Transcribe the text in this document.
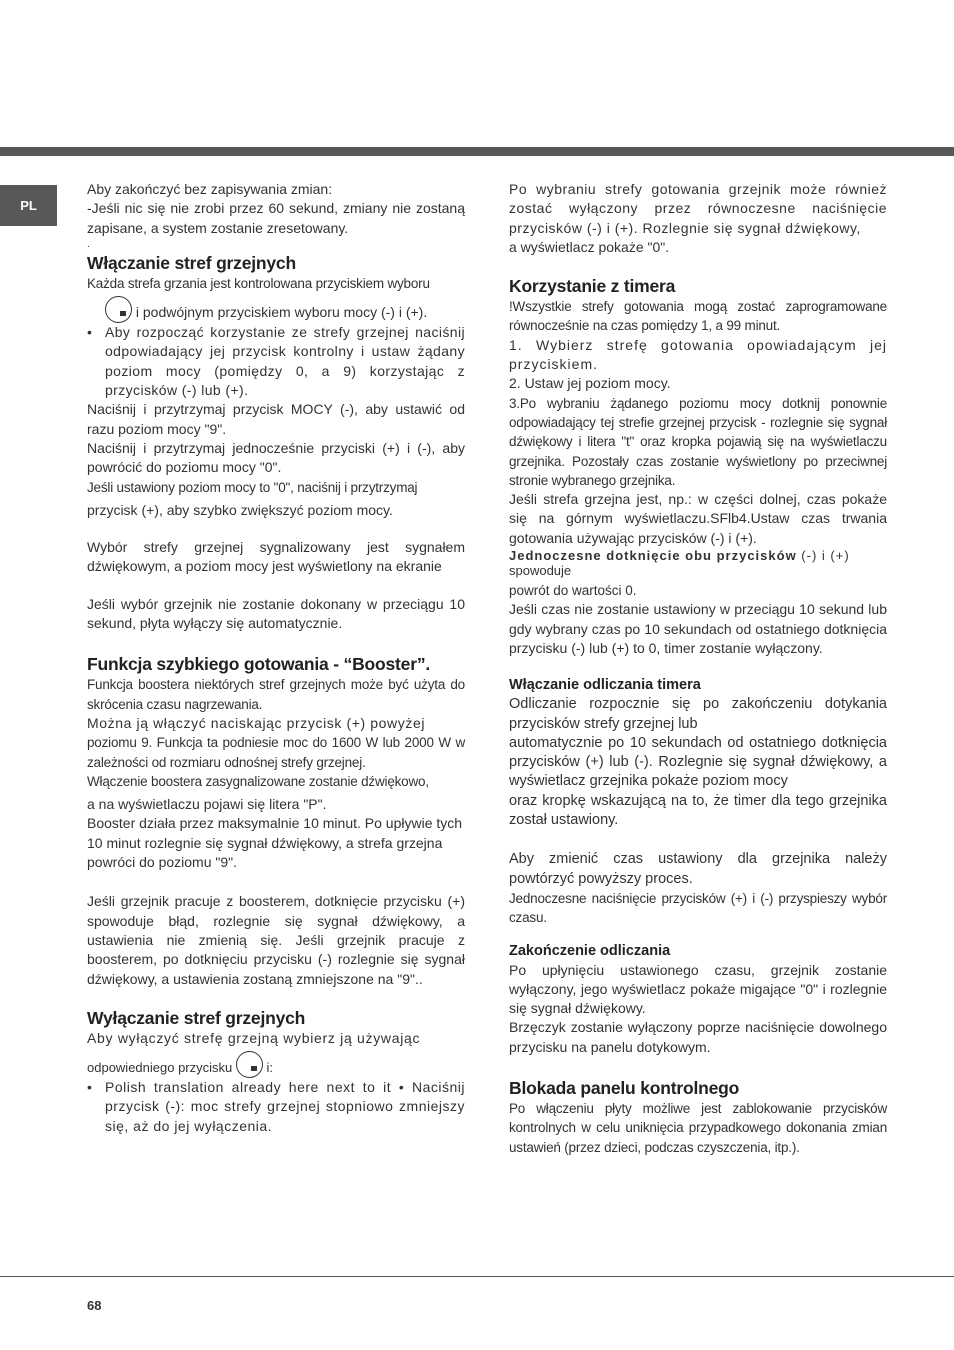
PL

Aby zakończyć bez zapisywania zmian:

-Jeśli nic się nie zrobi przez 60 sekund, zmiany nie zostaną zapisane, a system zostanie zresetowany.

.

Włączanie stref grzejnych

Każda strefa grzania jest kontrolowana przyciskiem wyboru

i podwójnym przyciskiem wyboru mocy (-) i (+).

• Aby rozpocząć korzystanie ze strefy grzejnej naciśnij odpowiadający jej przycisk kontrolny i ustaw żądany poziom mocy (pomiędzy 0, a 9) korzystając z przycisków (-) lub (+).

Naciśnij i przytrzymaj przycisk MOCY (-), aby ustawić od razu poziom mocy "9".

Naciśnij i przytrzymaj jednocześnie przyciski (+) i (-), aby powrócić do poziomu mocy "0".

Jeśli ustawiony poziom mocy to "0", naciśnij i przytrzymaj

przycisk (+), aby szybko zwiększyć poziom mocy.

Wybór strefy grzejnej sygnalizowany jest sygnałem dźwiękowym, a poziom mocy jest wyświetlony na ekranie

Jeśli wybór grzejnik nie zostanie dokonany w przeciągu 10 sekund, płyta wyłączy się automatycznie.

Funkcja szybkiego gotowania - “Booster”.

Funkcja boostera niektórych stref grzejnych może być użyta do skrócenia czasu nagrzewania.

Można ją włączyć naciskając przycisk (+) powyżej

poziomu 9. Funkcja ta podniesie moc do 1600 W lub 2000 W w zależności od rozmiaru odnośnej strefy grzejnej.

Włączenie boostera zasygnalizowane zostanie dźwiękowo,

a na wyświetlaczu pojawi się litera "P".

Booster działa przez maksymalnie 10 minut. Po upływie tych 10 minut rozlegnie się sygnał dźwiękowy, a strefa grzejna

powróci do poziomu "9".

Jeśli grzejnik pracuje z boosterem, dotknięcie przycisku (+) spowoduje błąd, rozlegnie się sygnał dźwiękowy, a ustawienia nie zmienią się. Jeśli grzejnik pracuje z boosterem, po dotknięciu przycisku (-) rozlegnie się sygnał dźwiękowy, a ustawienia zostaną zmniejszone na "9"..

Wyłączanie stref grzejnych

Aby wyłączyć strefę grzejną wybierz ją używając

odpowiedniego przycisku  i:

• Polish translation already here next to it • Naciśnij przycisk (-): moc strefy grzejnej stopniowo zmniejszy się, aż do jej wyłączenia.

Po wybraniu strefy gotowania grzejnik może również zostać wyłączony przez równoczesne naciśnięcie przycisków (-) i (+). Rozlegnie się sygnał dźwiękowy,

a wyświetlacz pokaże "0".

Korzystanie z timera

!Wszystkie strefy gotowania mogą zostać zaprogramowane równocześnie na czas pomiędzy 1, a 99 minut.

1. Wybierz strefę gotowania opowiadającym jej przyciskiem.

2. Ustaw jej poziom mocy.

3.Po wybraniu żądanego poziomu mocy dotknij ponownie odpowiadający tej strefie grzejnej przycisk - rozlegnie się sygnał dźwiękowy i litera "t" oraz kropka pojawią się na wyświetlaczu grzejnika. Pozostały czas zostanie wyświetlony po przeciwnej stronie wybranego grzejnika.

Jeśli strefa grzejna jest, np.: w części dolnej, czas pokaże się na górnym wyświetlaczu.SFlb4.Ustaw czas trwania gotowania używając przycisków (-) i (+).

Jednoczesne dotknięcie obu przycisków (-) i (+)

spowoduje

powrót do wartości 0.

Jeśli czas nie zostanie ustawiony w przeciągu 10 sekund lub gdy wybrany czas po 10 sekundach od ostatniego dotknięcia przycisku (-) lub (+) to 0, timer zostanie wyłączony.

Włączanie odliczania timera

Odliczanie rozpocznie się po zakończeniu dotykania przycisków strefy grzejnej lub

automatycznie po 10 sekundach od ostatniego dotknięcia przycisków (+) lub (-). Rozlegnie się sygnał dźwiękowy, a wyświetlacz grzejnika pokaże poziom mocy

oraz kropkę wskazującą na to, że timer dla tego grzejnika został ustawiony.

Aby zmienić czas ustawiony dla grzejnika należy powtórzyć powyższy proces.

Jednoczesne naciśnięcie przycisków (+) i (-) przyspieszy wybór czasu.

Zakończenie odliczania

Po upłynięciu ustawionego czasu, grzejnik zostanie wyłączony, jego wyświetlacz pokaże migające "0" i rozlegnie się sygnał dźwiękowy.

Brzęczyk zostanie wyłączony poprze naciśnięcie dowolnego przycisku na panelu dotykowym.

Blokada panelu kontrolnego

Po włączeniu płyty możliwe jest zablokowanie przycisków kontrolnych w celu uniknięcia przypadkowego dokonania zmian ustawień (przez dzieci, podczas czyszczenia, itp.).

68
